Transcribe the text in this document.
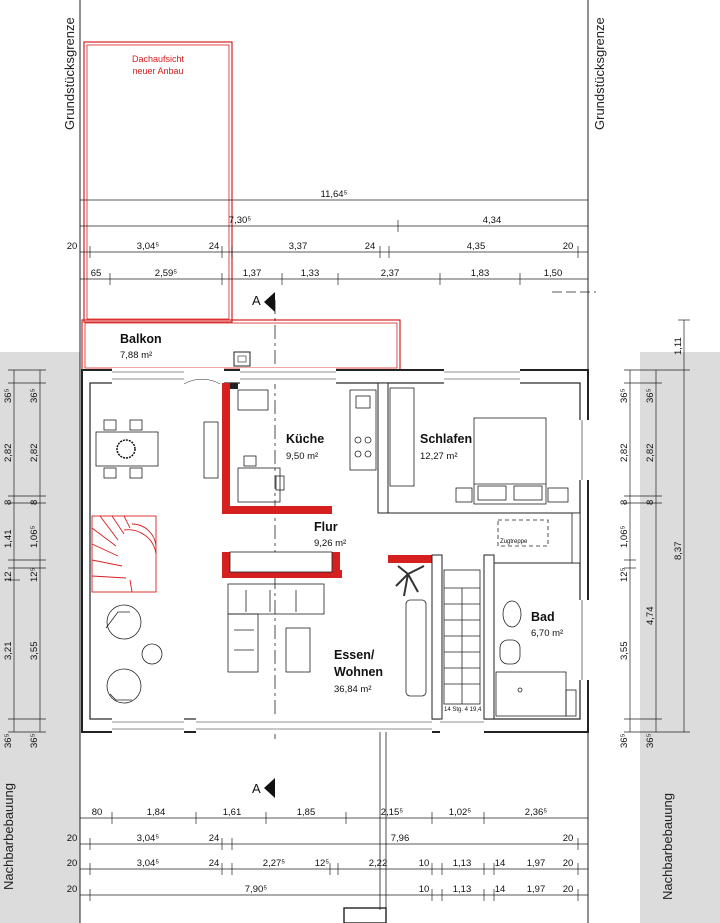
Grundstücksgrenze	Grundstücksgrenze
Nachbarbebauung	Nachbarbebauung
Dachaufsicht
neuer Anbau
11,64⁵
7,30⁵	4,34
20	3,04⁵	24	3,37	24	4,35	20
65	2,59⁵	1,37	1,33	2,37	1,83	1,50
A
Balkon
7,88 m²
Küche
9,50 m²
Schlafen
12,27 m²
Flur
9,26 m²
Bad
6,70 m²
Essen/
Wohnen
36,84 m²
Zugtreppe
14 Stg. 4 19,4
36⁵
2,82
8
1,41
12
3,21
36⁵
36⁵
2,82
8
1,06⁵
12⁵
3,55
36⁵
36⁵
2,82
8
1,06⁵
12⁵
3,55
36⁵
36⁵
2,82
8
4,74
36⁵
1,11
8,37
A
80	1,84	1,61	1,85	2,15⁵	1,02⁵	2,36⁵
20	3,04⁵	24	7,96	20
20	3,04⁵	24	2,27⁵	12⁵	2,22	10 1,13 14 1,97 20
20	7,90⁵	10 1,13 14 1,97 20
